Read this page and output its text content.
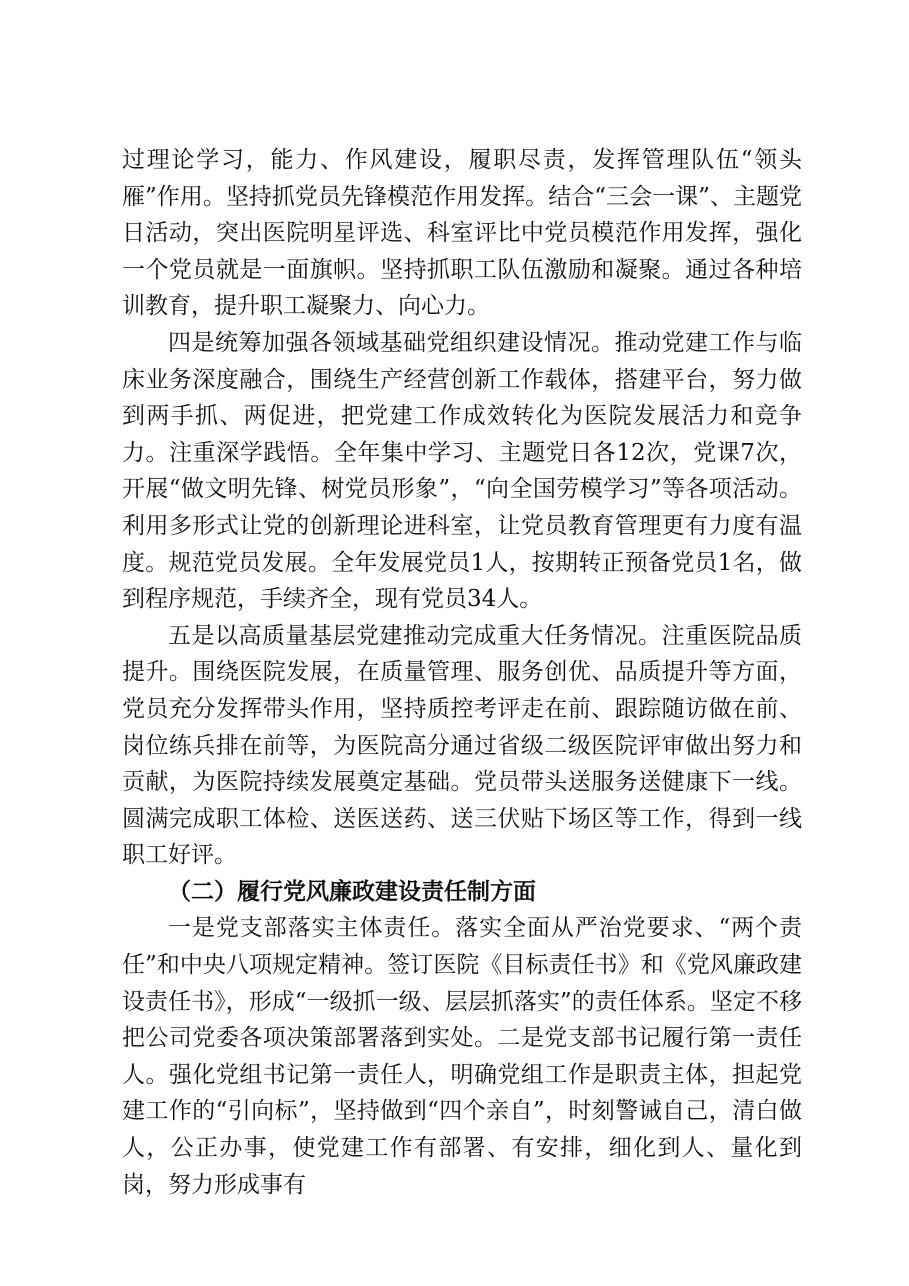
过理论学习，能力、作风建设，履职尽责，发挥管理队伍“领头雁”作用。坚持抓党员先锋模范作用发挥。结合“三会一课”、主题党日活动，突出医院明星评选、科室评比中党员模范作用发挥，强化一个党员就是一面旗帜。坚持抓职工队伍激励和凝聚。通过各种培训教育，提升职工凝聚力、向心力。

四是统筹加强各领域基础党组织建设情况。推动党建工作与临床业务深度融合，围绕生产经营创新工作载体，搭建平台，努力做到两手抓、两促进，把党建工作成效转化为医院发展活力和竞争力。注重深学践悟。全年集中学习、主题党日各12次，党课7次，开展“做文明先锋、树党员形象”，“向全国劳模学习”等各项活动。利用多形式让党的创新理论进科室，让党员教育管理更有力度有温度。规范党员发展。全年发展党员1人，按期转正预备党员1名，做到程序规范，手续齐全，现有党员34人。

五是以高质量基层党建推动完成重大任务情况。注重医院品质提升。围绕医院发展，在质量管理、服务创优、品质提升等方面，党员充分发挥带头作用，坚持质控考评走在前、跟踪随访做在前、岗位练兵排在前等，为医院高分通过省级二级医院评审做出努力和贡献，为医院持续发展奠定基础。党员带头送服务送健康下一线。圆满完成职工体检、送医送药、送三伏贴下场区等工作，得到一线职工好评。

（二）履行党风廉政建设责任制方面

一是党支部落实主体责任。落实全面从严治党要求、“两个责任”和中央八项规定精神。签订医院《目标责任书》和《党风廉政建设责任书》，形成“一级抓一级、层层抓落实”的责任体系。坚定不移把公司党委各项决策部署落到实处。二是党支部书记履行第一责任人。强化党组书记第一责任人，明确党组工作是职责主体，担起党建工作的“引向标”，坚持做到“四个亲自”，时刻警诫自己，清白做人，公正办事，使党建工作有部署、有安排，细化到人、量化到岗，努力形成事有
